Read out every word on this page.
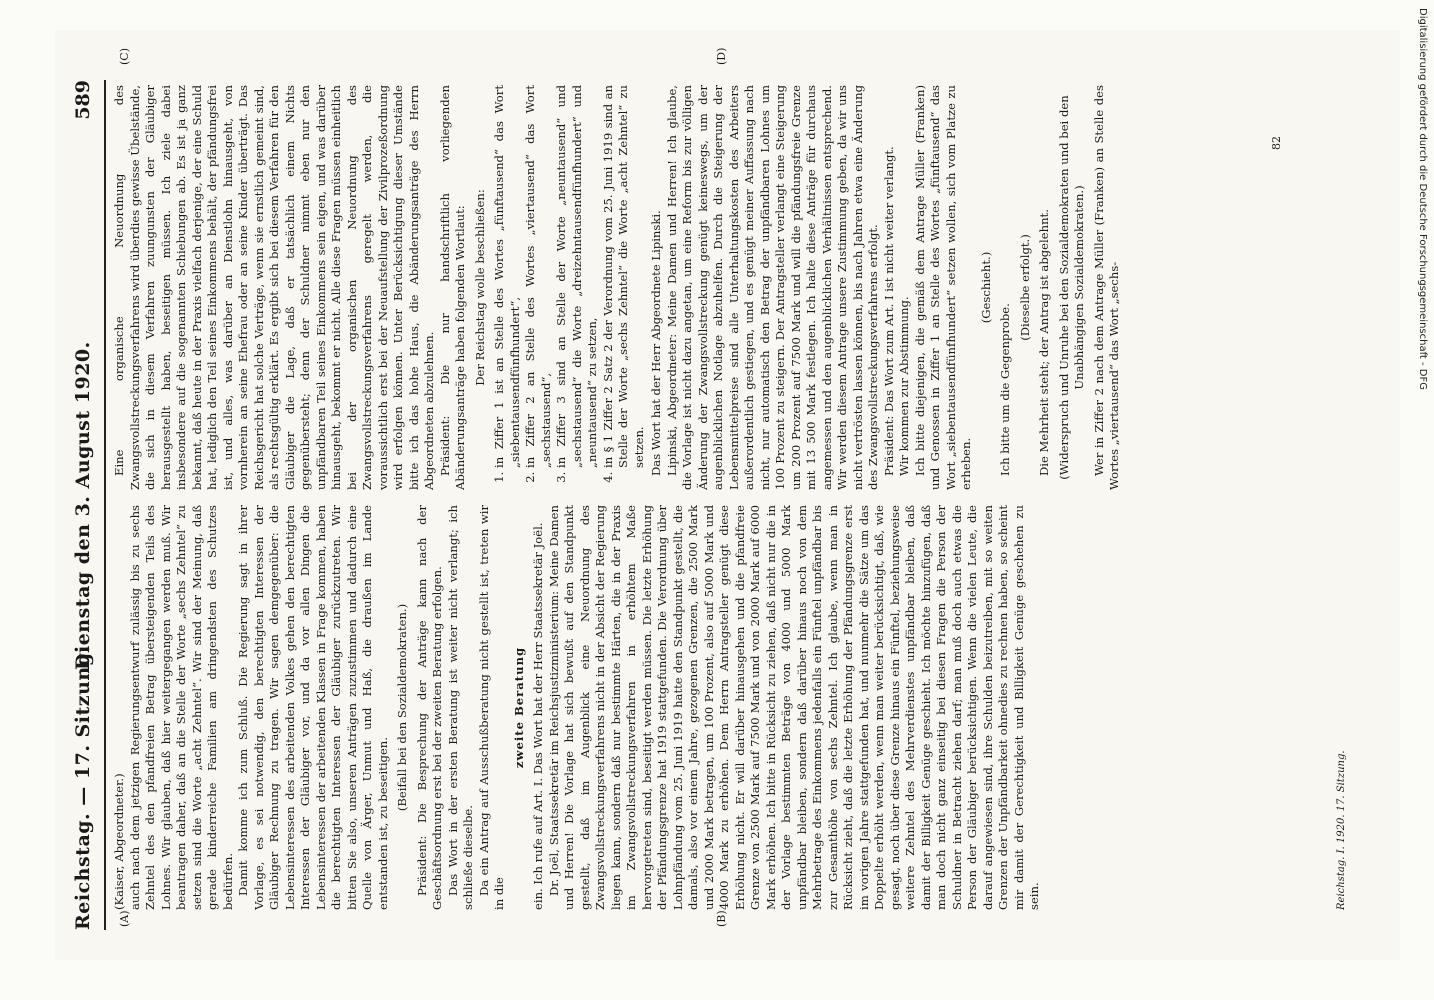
Reichstag. — 17. Sitzung.
Dienstag den 3. August 1920.
589
(A)	(B)
(C)	(D)

(Kaiser, Abgeordneter.) auch nach dem jetzigen Regierungsentwurf zulässig bis zu sechs Zehntel des den pfandfreien Betrag übersteigenden Teils des Lohnes. Wir glauben, daß hier weitergegangen werden muß. Wir beantragen daher, daß an die Stelle der Worte „sechs Zehntel“ zu setzen sind die Worte „acht Zehntel“. Wir sind der Meinung, daß gerade kinderreiche Familien am dringendsten des Schutzes bedürfen. Damit komme ich zum Schluß. Die Regierung sagt in ihrer Vorlage, es sei notwendig, den berechtigten Interessen der Gläubiger Rechnung zu tragen. Wir sagen demgegenüber: die Lebensinteressen des arbeitenden Volkes gehen den berechtigten Interessen der Gläubiger vor, und da vor allen Dingen die Lebensinteressen der arbeitenden Klassen in Frage kommen, haben die berechtigten Interessen der Gläubiger zurückzutreten. Wir bitten Sie also, unseren Anträgen zuzustimmen und dadurch eine Quelle von Ärger, Unmut und Haß, die draußen im Lande entstanden ist, zu beseitigen.

(Beifall bei den Sozialdemokraten.) Präsident: Die Besprechung der Anträge kann nach der Geschäftsordnung erst bei der zweiten Beratung erfolgen. Das Wort in der ersten Beratung ist weiter nicht verlangt; ich schließe dieselbe. Da ein Antrag auf Ausschußberatung nicht gestellt ist, treten wir in die

zweite Beratung ein. Ich rufe auf Art. I. Das Wort hat der Herr Staatssekretär Joël. Dr. Joël, Staatssekretär im Reichsjustizministerium: Meine Damen und Herren! Die Vorlage hat sich bewußt auf den Standpunkt gestellt, daß im Augenblick eine Neuordnung des Zwangsvollstreckungsverfahrens nicht in der Absicht der Regierung liegen kann, sondern daß nur bestimmte Härten, die in der Praxis im Zwangsvollstreckungsverfahren in erhöhtem Maße hervorgetreten sind, beseitigt werden müssen. Die letzte Erhöhung der Pfändungsgrenze hat 1919 stattgefunden. Die Verordnung über Lohnpfändung vom 25. Juni 1919 hatte den Standpunkt gestellt, die damals, also vor einem Jahre, gezogenen Grenzen, die 2500 Mark und 2000 Mark betragen, um 100 Prozent, also auf 5000 Mark und 4000 Mark zu erhöhen. Dem Herrn Antragsteller genügt diese Erhöhung nicht. Er will darüber hinausgehen und die pfandfreie Grenze von 2500 Mark auf 7500 Mark und von 2000 Mark auf 6000 Mark erhöhen. Ich bitte in Rücksicht zu ziehen, daß nicht nur die in der Vorlage bestimmten Beträge von 4000 und 5000 Mark unpfändbar bleiben, sondern daß darüber hinaus noch von dem Mehrbetrage des Einkommens jedenfalls ein Fünftel unpfändbar bis zur Gesamthöhe von sechs Zehntel. Ich glaube, wenn man in Rücksicht zieht, daß die letzte Erhöhung der Pfändungsgrenze erst im vorigen Jahre stattgefunden hat, und nunmehr die Sätze um das Doppelte erhöht werden, wenn man weiter berücksichtigt, daß, wie gesagt, noch über diese Grenze hinaus ein Fünftel, beziehungsweise weitere Zehntel des Mehrverdienstes unpfändbar bleiben, daß damit der Billigkeit Genüge geschieht. Ich möchte hinzufügen, daß man doch nicht ganz einseitig bei diesen Fragen die Person der Schuldner in Betracht ziehen darf; man muß doch auch etwas die Person der Gläubiger berücksichtigen. Wenn die vielen Leute, die darauf angewiesen sind, ihre Schulden beizutreiben, mit so weiten Grenzen der Unpfändbarkeit ohnedies zu rechnen haben, so scheint mir damit der Gerechtigkeit und Billigkeit Genüge geschehen zu sein.

Eine organische Neuordnung des Zwangsvollstreckungsverfahrens wird überdies gewisse Übelstände, die sich in diesem Verfahren zuungunsten der Gläubiger herausgestellt haben, beseitigen müssen. Ich ziele dabei insbesondere auf die sogenannten Schiebungen ab. Es ist ja ganz bekannt, daß heute in der Praxis vielfach derjenige, der eine Schuld hat, lediglich den Teil seines Einkommens behält, der pfändungsfrei ist, und alles, was darüber an Dienstlohn hinausgeht, von vornherein an seine Ehefrau oder an seine Kinder überträgt. Das Reichsgericht hat solche Verträge, wenn sie ernstlich gemeint sind, als rechtsgültig erklärt. Es ergibt sich bei diesem Verfahren für den Gläubiger die Lage, daß er tatsächlich einem Nichts gegenübersteht; denn der Schuldner nimmt eben nur den unpfändbaren Teil seines Einkommens sein eigen, und was darüber hinausgeht, bekommt er nicht. Alle diese Fragen müssen einheitlich bei der organischen Neuordnung des Zwangsvollstreckungsverfahrens geregelt werden, die voraussichtlich erst bei der Neuaufstellung der Zivilprozeßordnung wird erfolgen können. Unter Berücksichtigung dieser Umstände bitte ich das hohe Haus, die Abänderungsanträge des Herrn Abgeordneten abzulehnen. Präsident: Die nur handschriftlich vorliegenden Abänderungsanträge haben folgenden Wortlaut: Der Reichstag wolle beschließen: 1. in Ziffer 1 ist an Stelle des Wortes „fünftausend“ das Wort „siebentausendfünfhundert“, 2. in Ziffer 2 an Stelle des Wortes „viertausend“ das Wort „sechstausend“, 3. in Ziffer 3 sind an Stelle der Worte „neuntausend“ und „sechstausend“ die Worte „dreizehntausendfünfhundert“ und „neuntausend“ zu setzen, 4. in § 1 Ziffer 2 Satz 2 der Verordnung vom 25. Juni 1919 sind an Stelle der Worte „sechs Zehntel“ die Worte „acht Zehntel“ zu setzen. Das Wort hat der Herr Abgeordnete Lipinski. Lipinski, Abgeordneter: Meine Damen und Herren! Ich glaube, die Vorlage ist nicht dazu angetan, um eine Reform bis zur völligen Änderung der Zwangsvollstreckung genügt keineswegs, um der augenblicklichen Notlage abzuhelfen. Durch die Steigerung der Lebensmittelpreise sind alle Unterhaltungskosten des Arbeiters außerordentlich gestiegen, und es genügt meiner Auffassung nach nicht, nur automatisch den Betrag der unpfändbaren Lohnes um 100 Prozent zu steigern. Der Antragsteller verlangt eine Steigerung um 200 Prozent auf 7500 Mark und will die pfändungsfreie Grenze mit 13 500 Mark festlegen. Ich halte diese Anträge für durchaus angemessen und den augenblicklichen Verhältnissen entsprechend. Wir werden diesem Antrage unsere Zustimmung geben, da wir uns nicht vertrösten lassen können, bis nach Jahren etwa eine Änderung des Zwangsvollstreckungsverfahrens erfolgt. Präsident: Das Wort zum Art. I ist nicht weiter verlangt. Wir kommen zur Abstimmung. Ich bitte diejenigen, die gemäß dem Antrage Müller (Franken) und Genossen in Ziffer 1 an Stelle des Wortes „fünftausend“ das Wort „siebentausendfünfhundert“ setzen wollen, sich vom Platze zu erheben.

(Geschieht.)

Ich bitte um die Gegenprobe.

(Dieselbe erfolgt.) Die Mehrheit steht; der Antrag ist abgelehnt. (Widerspruch und Unruhe bei den Sozialdemokraten und bei den Unabhängigen Sozialdemokraten.) Wer in Ziffer 2 nach dem Antrage Müller (Franken) an Stelle des Wortes „viertausend“ das Wort „sechs-

82
Reichstag. I. 1920. 17. Sitzung.
Digitalisierung gefördert durch die Deutsche Forschungsgemeinschaft - DFG
